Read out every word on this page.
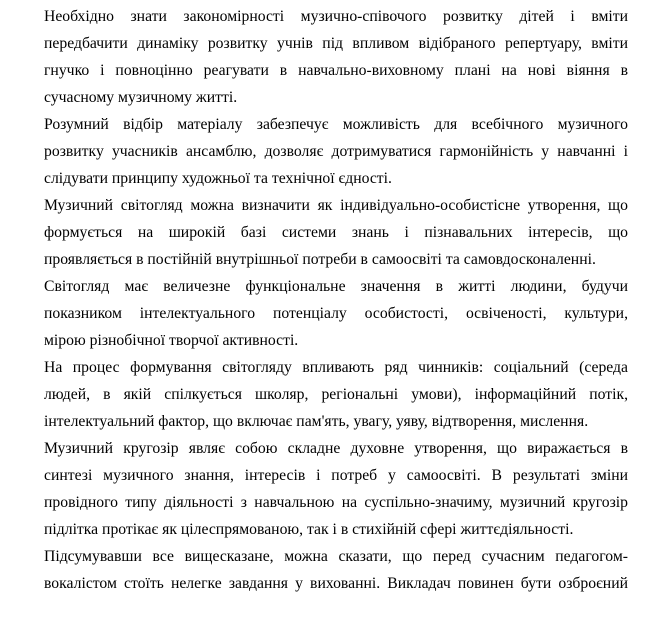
Необхідно знати закономірності музично-співочого розвитку дітей і вміти
передбачити динаміку розвитку учнів під впливом відібраного репертуару, вміти
гнучко і повноцінно реагувати в навчально-виховному плані на нові віяння в
сучасному музичному житті.
Розумний відбір матеріалу забезпечує можливість для всебічного музичного
розвитку учасників ансамблю, дозволяє дотримуватися гармонійність у навчанні і
слідувати принципу художньої та технічної єдності.
Музичний світогляд можна визначити як індивідуально-особистісне утворення, що
формується на широкій базі системи знань і пізнавальних інтересів, що
проявляється в постійній внутрішньої потреби в самоосвіті та самовдосконаленні.
Світогляд має величезне функціональне значення в житті людини, будучи
показником інтелектуального потенціалу особистості, освіченості, культури,
мірою різнобічної творчої активності.
На процес формування світогляду впливають ряд чинників: соціальний (середа
людей, в якій спілкується школяр, регіональні умови), інформаційний потік,
інтелектуальний фактор, що включає пам'ять, увагу, уяву, відтворення, мислення.
Музичний кругозір являє собою складне духовне утворення, що виражається в
синтезі музичного знання, інтересів і потреб у самоосвіті. В результаті зміни
провідного типу діяльності з навчальною на суспільно-значиму, музичний кругозір
підлітка протікає як цілеспрямованою, так і в стихійній сфері життєдіяльності.
Підсумувавши все вищесказане, можна сказати, що перед сучасним педагогом-
вокалістом стоїть нелегке завдання у вихованні. Викладач повинен бути озброєний
